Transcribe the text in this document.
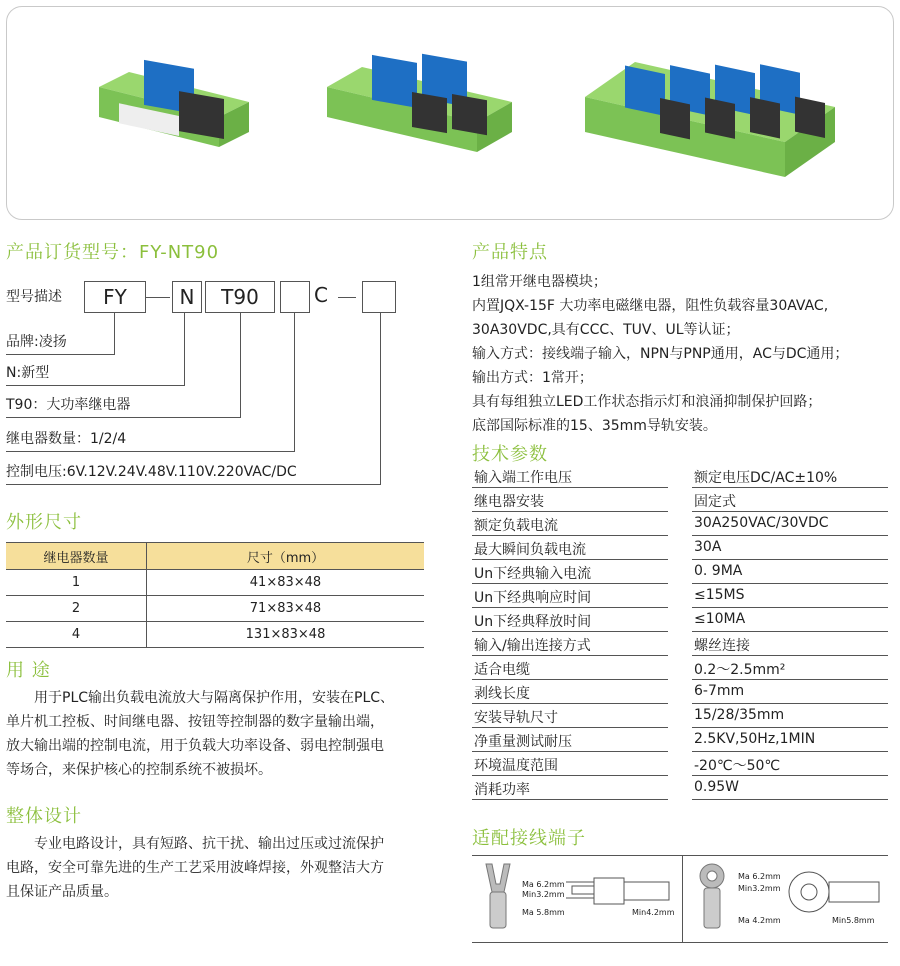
产品订货型号：FY-NT90
型号描述	FY	N	T90	C
品牌:凌扬
N:新型
T90：大功率继电器
继电器数量：1/2/4
控制电压:6V.12V.24V.48V.110V.220VAC/DC
外形尺寸
继电器数量	尺寸（mm）
1	41×83×48
2	71×83×48
4	131×83×48
用 途
用于PLC输出负载电流放大与隔离保护作用，安装在PLC、
单片机工控板、时间继电器、按钮等控制器的数字量输出端，
放大输出端的控制电流，用于负载大功率设备、弱电控制强电
等场合，来保护核心的控制系统不被损坏。
整体设计
专业电路设计，具有短路、抗干扰、输出过压或过流保护
电路，安全可靠先进的生产工艺采用波峰焊接，外观整洁大方
且保证产品质量。
产品特点
1组常开继电器模块；
内置JQX-15F 大功率电磁继电器，阻性负载容量30AVAC,
30A30VDC,具有CCC、TUV、UL等认证；
输入方式：接线端子输入，NPN与PNP通用，AC与DC通用；
输出方式：1常开；
具有每组独立LED工作状态指示灯和浪涌抑制保护回路；
底部国际标准的15、35mm导轨安装。
技术参数
输入端工作电压	额定电压DC/AC±10%
继电器安装	固定式
额定负载电流	30A250VAC/30VDC
最大瞬间负载电流	30A
Un下经典输入电流	0. 9MA
Un下经典响应时间	≤15MS
Un下经典释放时间	≤10MA
输入/输出连接方式	螺丝连接
适合电缆	0.2～2.5mm²
剥线长度	6-7mm
安装导轨尺寸	15/28/35mm
净重量测试耐压	2.5KV,50Hz,1MIN
环境温度范围	-20℃～50℃
消耗功率	0.95W
适配接线端子
Ma 6.2mm
Min3.2mm
Ma 5.8mm	Min4.2mm
Ma 6.2mm
Min3.2mm
Ma 4.2mm	Min5.8mm
